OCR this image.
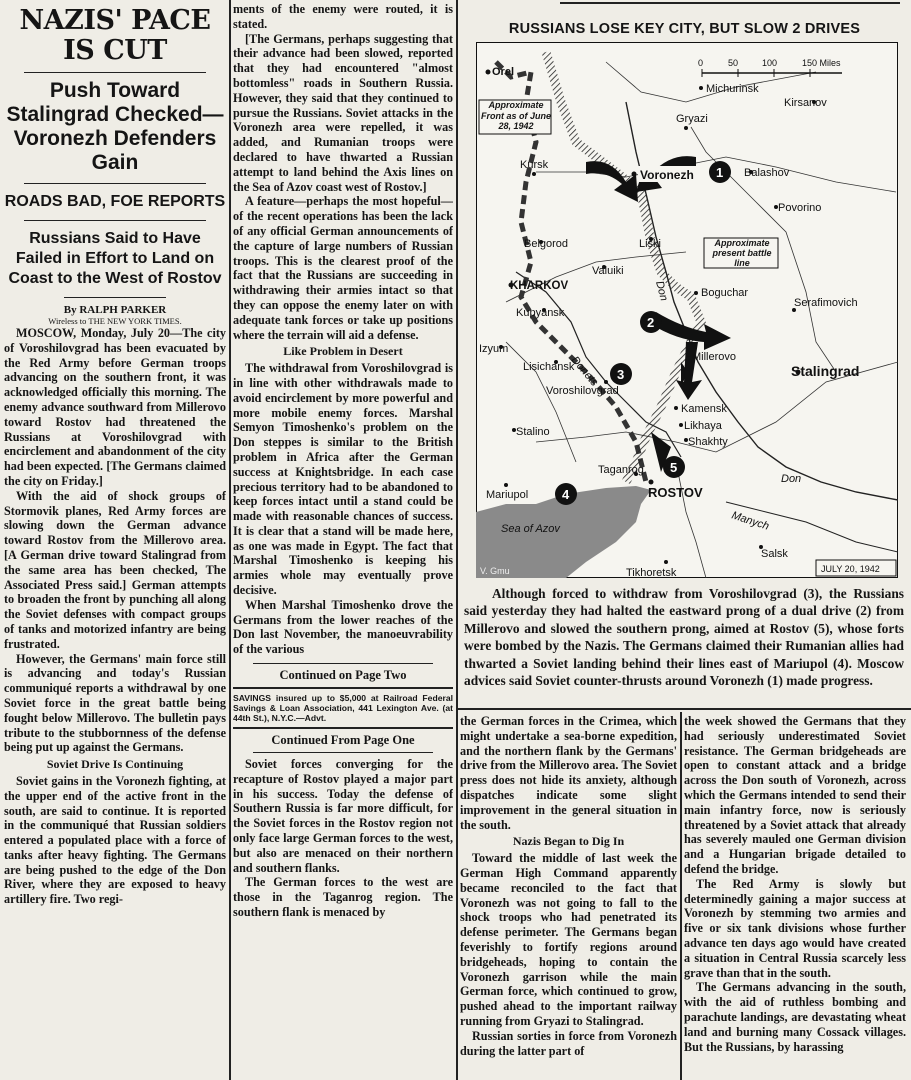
NAZIS' PACE IS CUT
Push Toward Stalingrad Checked—Voronezh Defenders Gain
ROADS BAD, FOE REPORTS
Russians Said to Have Failed in Effort to Land on Coast to the West of Rostov

By RALPH PARKER

Wireless to THE NEW YORK TIMES.

MOSCOW, Monday, July 20—The city of Voroshilovgrad has been evacuated by the Red Army before German troops advancing on the southern front, it was acknowledged officially this morning. The enemy advance southward from Millerovo toward Rostov had threatened the Russians at Voroshilovgrad with encirclement and abandonment of the city had been expected. [The Germans claimed the city on Friday.]

With the aid of shock groups of Stormovik planes, Red Army forces are slowing down the German advance toward Rostov from the Millerovo area. [A German drive toward Stalingrad from the same area has been checked, The Associated Press said.] German attempts to broaden the front by punching all along the Soviet defenses with compact groups of tanks and motorized infantry are being frustrated.

However, the Germans' main force still is advancing and today's Russian communiqué reports a withdrawal by one Soviet force in the great battle being fought below Millerovo. The bulletin pays tribute to the stubbornness of the defense being put up against the Germans.

Soviet Drive Is Continuing

Soviet gains in the Voronezh fighting, at the upper end of the active front in the south, are said to continue. It is reported in the communiqué that Russian soldiers entered a populated place with a force of tanks after heavy fighting. The Germans are being pushed to the edge of the Don River, where they are exposed to heavy artillery fire. Two regi-

ments of the enemy were routed, it is stated.

[The Germans, perhaps suggesting that their advance had been slowed, reported that they had encountered "almost bottomless" roads in Southern Russia. However, they said that they continued to pursue the Russians. Soviet attacks in the Voronezh area were repelled, it was added, and Rumanian troops were declared to have thwarted a Russian attempt to land behind the Axis lines on the Sea of Azov coast west of Rostov.]

A feature—perhaps the most hopeful—of the recent operations has been the lack of any official German announcements of the capture of large numbers of Russian troops. This is the clearest proof of the fact that the Russians are succeeding in withdrawing their armies intact so that they can oppose the enemy later on with adequate tank forces or take up positions where the terrain will aid a defense.

Like Problem in Desert

The withdrawal from Voroshilovgrad is in line with other withdrawals made to avoid encirclement by more powerful and more mobile enemy forces. Marshal Semyon Timoshenko's problem on the Don steppes is similar to the British problem in Africa after the German success at Knightsbridge. In each case precious territory had to be abandoned to keep forces intact until a stand could be made with reasonable chances of success. It is clear that a stand will be made here, as one was made in Egypt. The fact that Marshal Timoshenko is keeping his armies whole may eventually prove decisive.

When Marshal Timoshenko drove the Germans from the lower reaches of the Don last November, the manoeuvrability of the various

Continued on Page Two
SAVINGS insured up to $5,000 at Railroad Federal Savings & Loan Association, 441 Lexington Ave. (at 44th St.), N.Y.C.—Advt.
Continued From Page One

Soviet forces converging for the recapture of Rostov played a major part in his success. Today the defense of Southern Russia is far more difficult, for the Soviet forces in the Rostov region not only face large German forces to the west, but also are menaced on their northern and southern flanks.

The German forces to the west are those in the Taganrog region. The southern flank is menaced by

RUSSIANS LOSE KEY CITY, BUT SLOW 2 DRIVES
Sea of Azov
0	50	100	150 Miles
Approximate Front as of June 28, 1942
Approximate present battle line
Orel
Michurinsk
Kirsanov
Gryazi
Kursk
Voronezh	Balashov
Povorino
Liski
Belgorod
Valuiki
KHARKOV
Boguchar
Serafimovich
Kupyansk
Izyum
Millerovo
Lisichansk	Stalingrad
Voroshilovgrad
Kamensk
Stalino	Likhaya
Shakhty
Taganrog
ROSTOV
Mariupol
Salsk
Tikhoretsk
Don
Don
Donets
Manych
1
2
3
4
5
JULY 20, 1942
V. Gmu

Although forced to withdraw from Voroshilovgrad (3), the Russians said yesterday they had halted the eastward prong of a dual drive (2) from Millerovo and slowed the southern prong, aimed at Rostov (5), whose forts were bombed by the Nazis. The Germans claimed their Rumanian allies had thwarted a Soviet landing behind their lines east of Mariupol (4). Moscow advices said Soviet counter-thrusts around Voronezh (1) made progress.

the German forces in the Crimea, which might undertake a sea-borne expedition, and the northern flank by the Germans' drive from the Millerovo area. The Soviet press does not hide its anxiety, although dispatches indicate some slight improvement in the general situation in the south.

Nazis Began to Dig In

Toward the middle of last week the German High Command apparently became reconciled to the fact that Voronezh was not going to fall to the shock troops who had penetrated its defense perimeter. The Germans began feverishly to fortify regions around bridgeheads, hoping to contain the Voronezh garrison while the main German force, which continued to grow, pushed ahead to the important railway running from Gryazi to Stalingrad.

Russian sorties in force from Voronezh during the latter part of

the week showed the Germans that they had seriously underestimated Soviet resistance. The German bridgeheads are open to constant attack and a bridge across the Don south of Voronezh, across which the Germans intended to send their main infantry force, now is seriously threatened by a Soviet attack that already has severely mauled one German division and a Hungarian brigade detailed to defend the bridge.

The Red Army is slowly but determinedly gaining a major success at Voronezh by stemming two armies and five or six tank divisions whose further advance ten days ago would have created a situation in Central Russia scarcely less grave than that in the south.

The Germans advancing in the south, with the aid of ruthless bombing and parachute landings, are devastating wheat land and burning many Cossack villages. But the Russians, by harassing
